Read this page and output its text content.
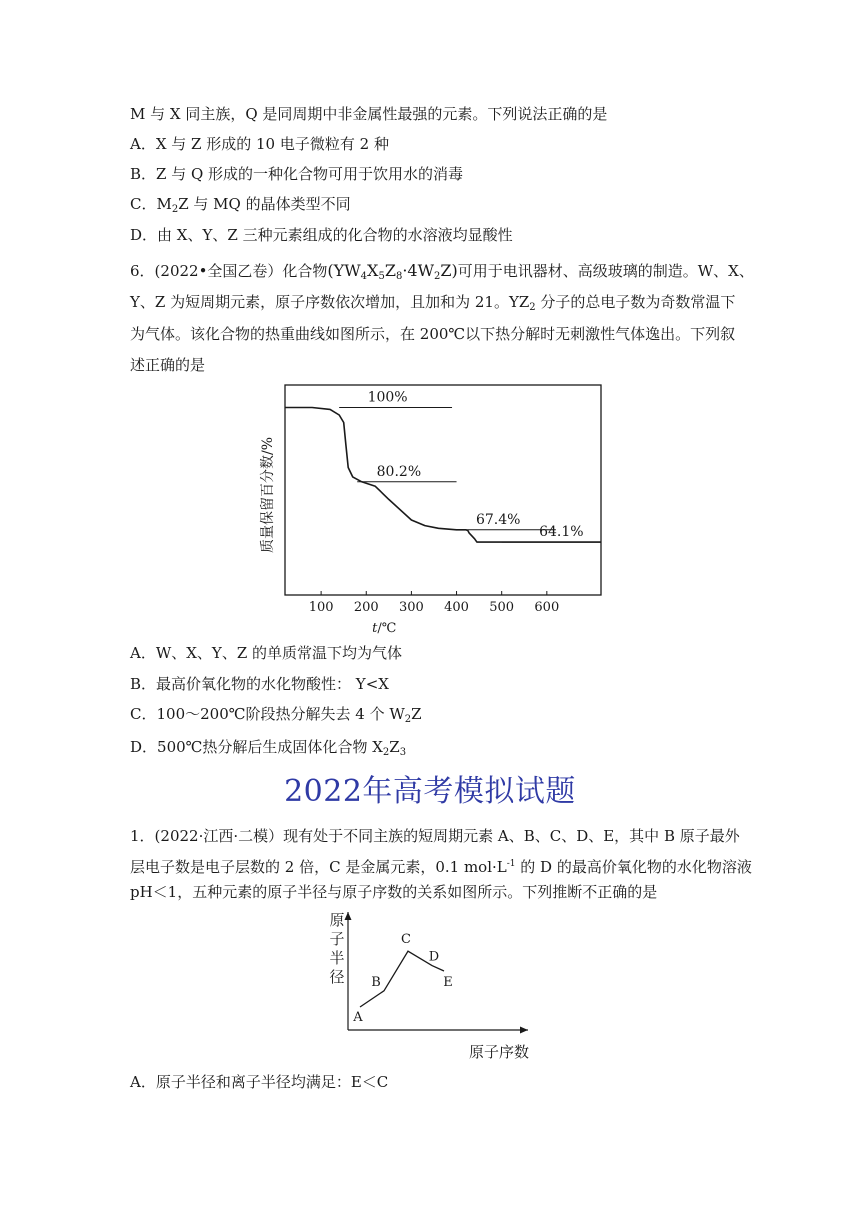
M 与 X 同主族，Q 是同周期中非金属性最强的元素。下列说法正确的是
A．X 与 Z 形成的 10 电子微粒有 2 种
B．Z 与 Q 形成的一种化合物可用于饮用水的消毒
C．$M_2Z$ 与 MQ 的晶体类型不同
D．由 X、Y、Z 三种元素组成的化合物的水溶液均显酸性
6．(2022•全国乙卷）化合物$(YW_4X_5Z_8\cdot 4W_2Z)$可用于电讯器材、高级玻璃的制造。W、X、
Y、Z 为短周期元素，原子序数依次增加，且加和为 21。$YZ_2$ 分子的总电子数为奇数常温下
为气体。该化合物的热重曲线如图所示，在 200℃以下热分解时无刺激性气体逸出。下列叙
述正确的是
100 200 300 400 500 600
t/℃
质量保留百分数/%
100%
80.2%
67.4%
64.1%
A．W、X、Y、Z 的单质常温下均为气体
B．最高价氧化物的水化物酸性： Y<X
C．100～200℃阶段热分解失去 4 个 $W_2Z$
D．500℃热分解后生成固体化合物 $X_2Z_3$
2022年高考模拟试题
1．(2022·江西·二模）现有处于不同主族的短周期元素 A、B、C、D、E，其中 B 原子最外
层电子数是电子层数的 2 倍，C 是金属元素，0.1 $mol\cdot L^{-1}$ 的 D 的最高价氧化物的水化物溶液
pH＜1，五种元素的原子半径与原子序数的关系如图所示。下列推断不正确的是
原
子
半
径
原子序数
A
B
C
D
E
A．原子半径和离子半径均满足：E＜C
